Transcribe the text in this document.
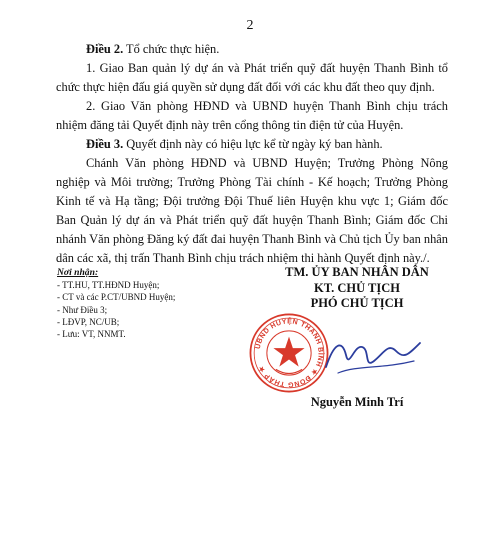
2

Điều 2. Tổ chức thực hiện.

1. Giao Ban quản lý dự án và Phát triển quỹ đất huyện Thanh Bình tổ chức thực hiện đấu giá quyền sử dụng đất đối với các khu đất theo quy định.

2. Giao Văn phòng HĐND và UBND huyện Thanh Bình chịu trách nhiệm đăng tải Quyết định này trên cổng thông tin điện tử của Huyện.

Điều 3. Quyết định này có hiệu lực kể từ ngày ký ban hành.

Chánh Văn phòng HĐND và UBND Huyện; Trưởng Phòng Nông nghiệp và Môi trường; Trưởng Phòng Tài chính - Kế hoạch; Trưởng Phòng Kinh tế và Hạ tầng; Đội trưởng Đội Thuế liên Huyện khu vực 1; Giám đốc Ban Quản lý dự án và Phát triển quỹ đất huyện Thanh Bình; Giám đốc Chi nhánh Văn phòng Đăng ký đất đai huyện Thanh Bình và Chủ tịch Ủy ban nhân dân các xã, thị trấn Thanh Bình chịu trách nhiệm thi hành Quyết định này./.

Nơi nhận:
- TT.HU, TT.HĐND Huyện;
- CT và các P.CT/UBND Huyện;
- Như Điều 3;
- LĐVP, NC/UB;
- Lưu: VT, NNMT.
TM. ỦY BAN NHÂN DÂN
KT. CHỦ TỊCH
PHÓ CHỦ TỊCH
UBND HUYỆN THANH BÌNH ★ ĐỒNG THÁP ★
Nguyễn Minh Trí
